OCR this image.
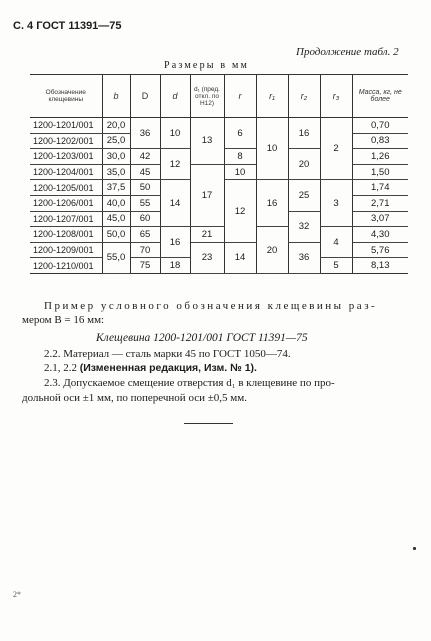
С. 4 ГОСТ 11391—75
Продолжение табл. 2
Размеры в мм
Обозначение клещевины	b	D	d	d₁ (пред. откл. по H12)	r	r₁	r₂	r₃	Масса, кг, не более
1200-1201/001	20,0	36	10	13	6	10	16	2	0,70
1200-1202/001	25,0								0,83
1200-1203/001	30,0	42	12		8		20		1,26
1200-1204/001	35,0	45		17	10				1,50
1200-1205/001	37,5	50	14		12	16	25	3	1,74
1200-1206/001	40,0	55							2,71
1200-1207/001	45,0	60					32		3,07
1200-1208/001	50,0	65	16	21		20		4	4,30
1200-1209/001	55,0	70		23	14		36		5,76
1200-1210/001		75	18					5	8,13
Пример условного обозначения клещевины раз-
мером B = 16 мм:
Клещевина 1200-1201/001 ГОСТ 11391—75
2.2. Материал — сталь марки 45 по ГОСТ 1050—74.
2.1, 2.2 (Измененная редакция, Изм. № 1).
2.3. Допускаемое смещение отверстия d₁ в клещевине по про-
дольной оси ±1 мм, по поперечной оси ±0,5 мм.
2*
